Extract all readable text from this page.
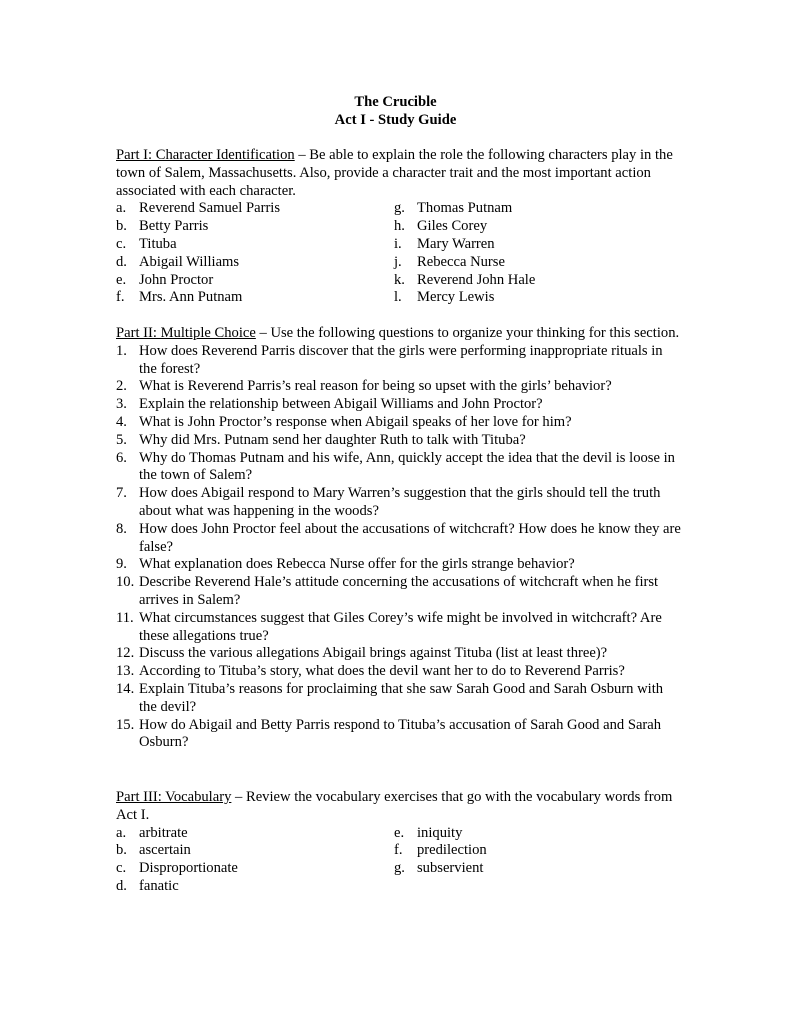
The Crucible
Act I - Study Guide
Part I: Character Identification – Be able to explain the role the following characters play in the town of Salem, Massachusetts. Also, provide a character trait and the most important action associated with each character.
a. Reverend Samuel Parris
b. Betty Parris
c. Tituba
d. Abigail Williams
e. John Proctor
f. Mrs. Ann Putnam
g. Thomas Putnam
h. Giles Corey
i.	Mary Warren
j.	Rebecca Nurse
k. Reverend John Hale
l.	Mercy Lewis
Part II: Multiple Choice – Use the following questions to organize your thinking for this section.
1. How does Reverend Parris discover that the girls were performing inappropriate rituals in the forest?
2. What is Reverend Parris’s real reason for being so upset with the girls’ behavior?
3. Explain the relationship between Abigail Williams and John Proctor?
4. What is John Proctor’s response when Abigail speaks of her love for him?
5. Why did Mrs. Putnam send her daughter Ruth to talk with Tituba?
6. Why do Thomas Putnam and his wife, Ann, quickly accept the idea that the devil is loose in the town of Salem?
7. How does Abigail respond to Mary Warren’s suggestion that the girls should tell the truth about what was happening in the woods?
8. How does John Proctor feel about the accusations of witchcraft? How does he know they are false?
9. What explanation does Rebecca Nurse offer for the girls strange behavior?
10. Describe Reverend Hale’s attitude concerning the accusations of witchcraft when he first arrives in Salem?
11. What circumstances suggest that Giles Corey’s wife might be involved in witchcraft? Are these allegations true?
12. Discuss the various allegations Abigail brings against Tituba (list at least three)?
13. According to Tituba’s story, what does the devil want her to do to Reverend Parris?
14. Explain Tituba’s reasons for proclaiming that she saw Sarah Good and Sarah Osburn with the devil?
15. How do Abigail and Betty Parris respond to Tituba’s accusation of Sarah Good and Sarah Osburn?
Part III: Vocabulary – Review the vocabulary exercises that go with the vocabulary words from Act I.
a. arbitrate
b. ascertain
c. Disproportionate
d. fanatic
e. iniquity
f. predilection
g. subservient
